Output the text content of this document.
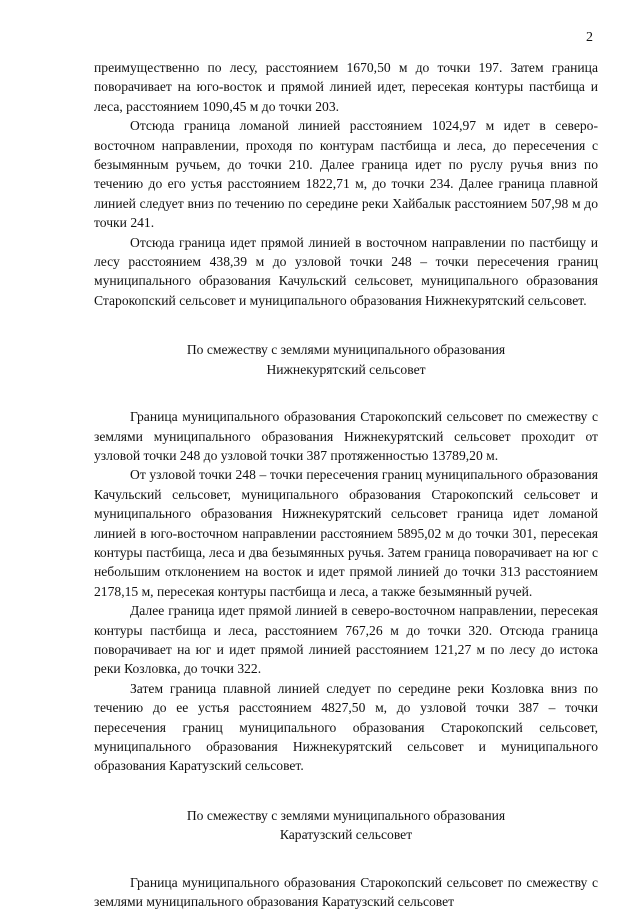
2

преимущественно по лесу, расстоянием 1670,50 м до точки 197. Затем граница поворачивает на юго-восток и прямой линией идет, пересекая контуры пастбища и леса, расстоянием 1090,45 м до точки 203.

Отсюда граница ломаной линией расстоянием 1024,97 м идет в северо-восточном направлении, проходя по контурам пастбища и леса, до пересечения с безымянным ручьем, до точки 210. Далее граница идет по руслу ручья вниз по течению до его устья расстоянием 1822,71 м, до точки 234. Далее граница плавной линией следует вниз по течению по середине реки Хайбалык расстоянием 507,98 м до точки 241.

Отсюда граница идет прямой линией в восточном направлении по пастбищу и лесу расстоянием 438,39 м до узловой точки 248 – точки пересечения границ муниципального образования Качульский сельсовет, муниципального образования Старокопский сельсовет и муниципального образования Нижнекурятский сельсовет.

По смежеству с землями муниципального образования
Нижнекурятский сельсовет

Граница муниципального образования Старокопский сельсовет по смежеству с землями муниципального образования Нижнекурятский сельсовет проходит от узловой точки 248 до узловой точки 387 протяженностью 13789,20 м.

От узловой точки 248 – точки пересечения границ муниципального образования Качульский сельсовет, муниципального образования Старокопский сельсовет и муниципального образования Нижнекурятский сельсовет граница идет ломаной линией в юго-восточном направлении расстоянием 5895,02 м до точки 301, пересекая контуры пастбища, леса и два безымянных ручья. Затем граница поворачивает на юг с небольшим отклонением на восток и идет прямой линией до точки 313 расстоянием 2178,15 м, пересекая контуры пастбища и леса, а также безымянный ручей.

Далее граница идет прямой линией в северо-восточном направлении, пересекая контуры пастбища и леса, расстоянием 767,26 м до точки 320. Отсюда граница поворачивает на юг и идет прямой линией расстоянием 121,27 м по лесу до истока реки Козловка, до точки 322.

Затем граница плавной линией следует по середине реки Козловка вниз по течению до ее устья расстоянием 4827,50 м, до узловой точки 387 – точки пересечения границ муниципального образования Старокопский сельсовет, муниципального образования Нижнекурятский сельсовет и муниципального образования Каратузский сельсовет.

По смежеству с землями муниципального образования
Каратузский сельсовет

Граница муниципального образования Старокопский сельсовет по смежеству с землями муниципального образования Каратузский сельсовет
